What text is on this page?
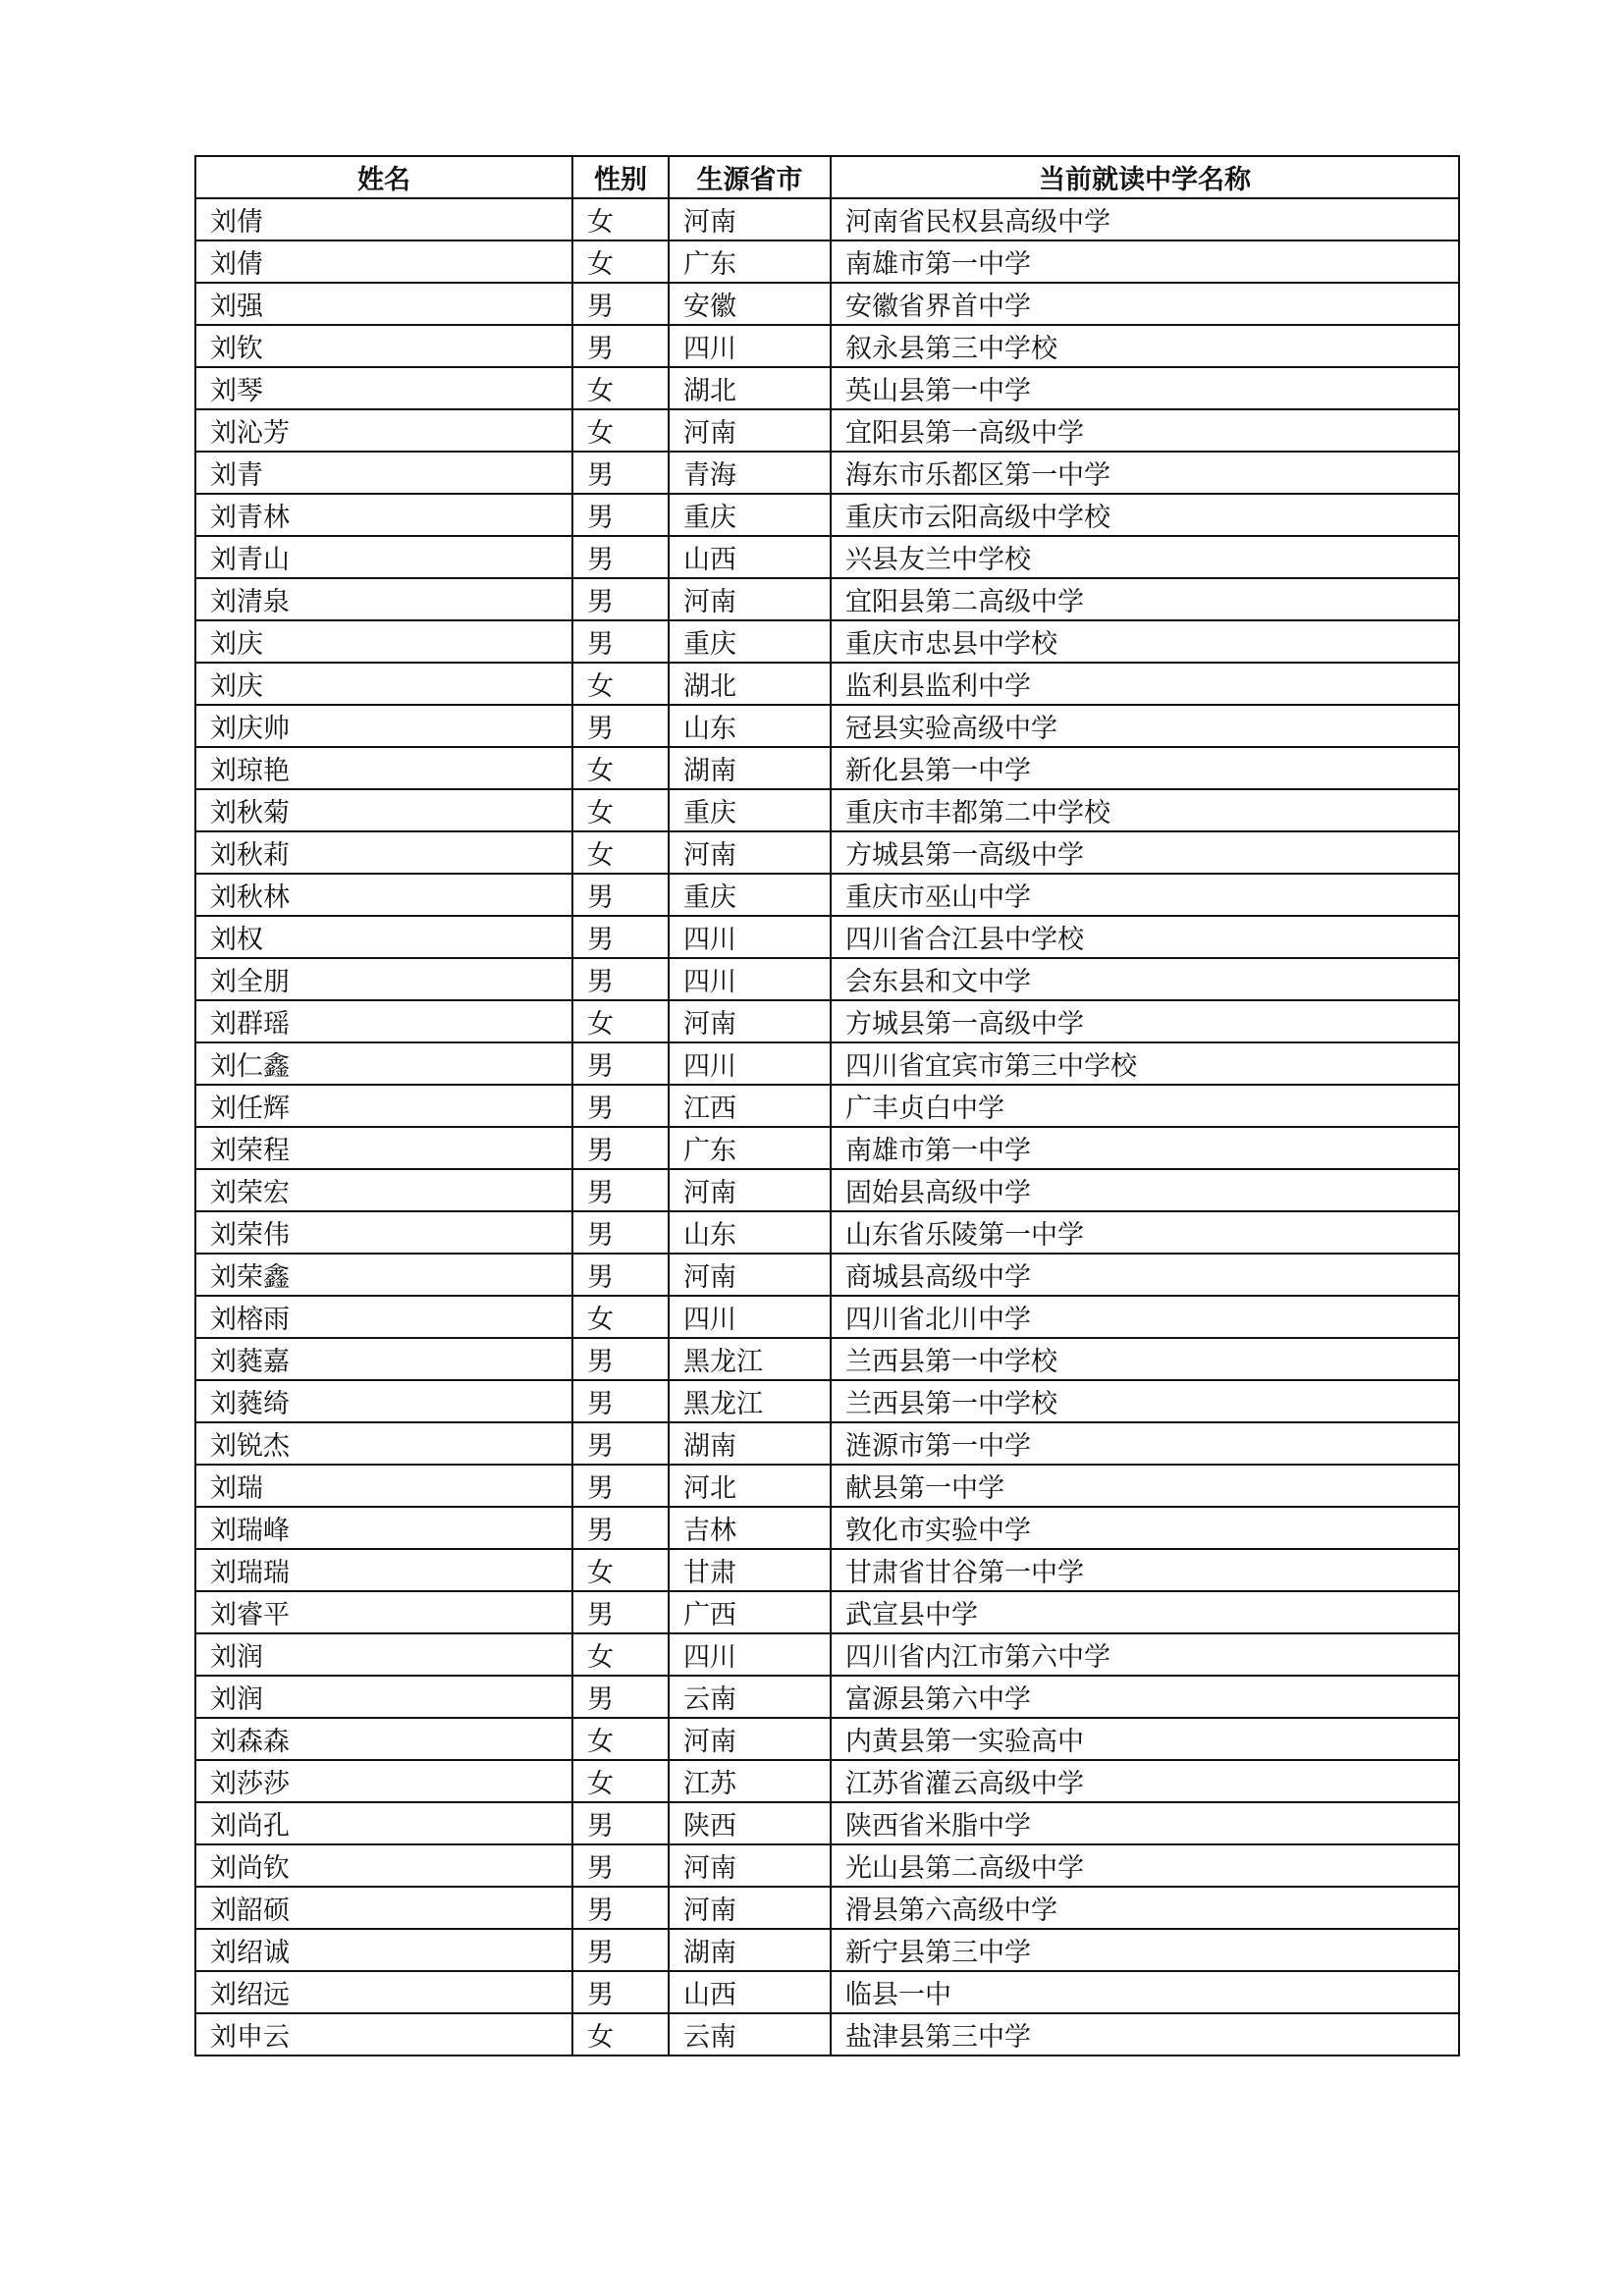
姓名	性别	生源省市	当前就读中学名称
刘倩	女	河南	河南省民权县高级中学
刘倩	女	广东	南雄市第一中学
刘强	男	安徽	安徽省界首中学
刘钦	男	四川	叙永县第三中学校
刘琴	女	湖北	英山县第一中学
刘沁芳	女	河南	宜阳县第一高级中学
刘青	男	青海	海东市乐都区第一中学
刘青林	男	重庆	重庆市云阳高级中学校
刘青山	男	山西	兴县友兰中学校
刘清泉	男	河南	宜阳县第二高级中学
刘庆	男	重庆	重庆市忠县中学校
刘庆	女	湖北	监利县监利中学
刘庆帅	男	山东	冠县实验高级中学
刘琼艳	女	湖南	新化县第一中学
刘秋菊	女	重庆	重庆市丰都第二中学校
刘秋莉	女	河南	方城县第一高级中学
刘秋林	男	重庆	重庆市巫山中学
刘权	男	四川	四川省合江县中学校
刘全朋	男	四川	会东县和文中学
刘群瑶	女	河南	方城县第一高级中学
刘仁鑫	男	四川	四川省宜宾市第三中学校
刘任辉	男	江西	广丰贞白中学
刘荣程	男	广东	南雄市第一中学
刘荣宏	男	河南	固始县高级中学
刘荣伟	男	山东	山东省乐陵第一中学
刘荣鑫	男	河南	商城县高级中学
刘榕雨	女	四川	四川省北川中学
刘蕤嘉	男	黑龙江	兰西县第一中学校
刘蕤绮	男	黑龙江	兰西县第一中学校
刘锐杰	男	湖南	涟源市第一中学
刘瑞	男	河北	献县第一中学
刘瑞峰	男	吉林	敦化市实验中学
刘瑞瑞	女	甘肃	甘肃省甘谷第一中学
刘睿平	男	广西	武宣县中学
刘润	女	四川	四川省内江市第六中学
刘润	男	云南	富源县第六中学
刘森森	女	河南	内黄县第一实验高中
刘莎莎	女	江苏	江苏省灌云高级中学
刘尚孔	男	陕西	陕西省米脂中学
刘尚钦	男	河南	光山县第二高级中学
刘韶硕	男	河南	滑县第六高级中学
刘绍诚	男	湖南	新宁县第三中学
刘绍远	男	山西	临县一中
刘申云	女	云南	盐津县第三中学
